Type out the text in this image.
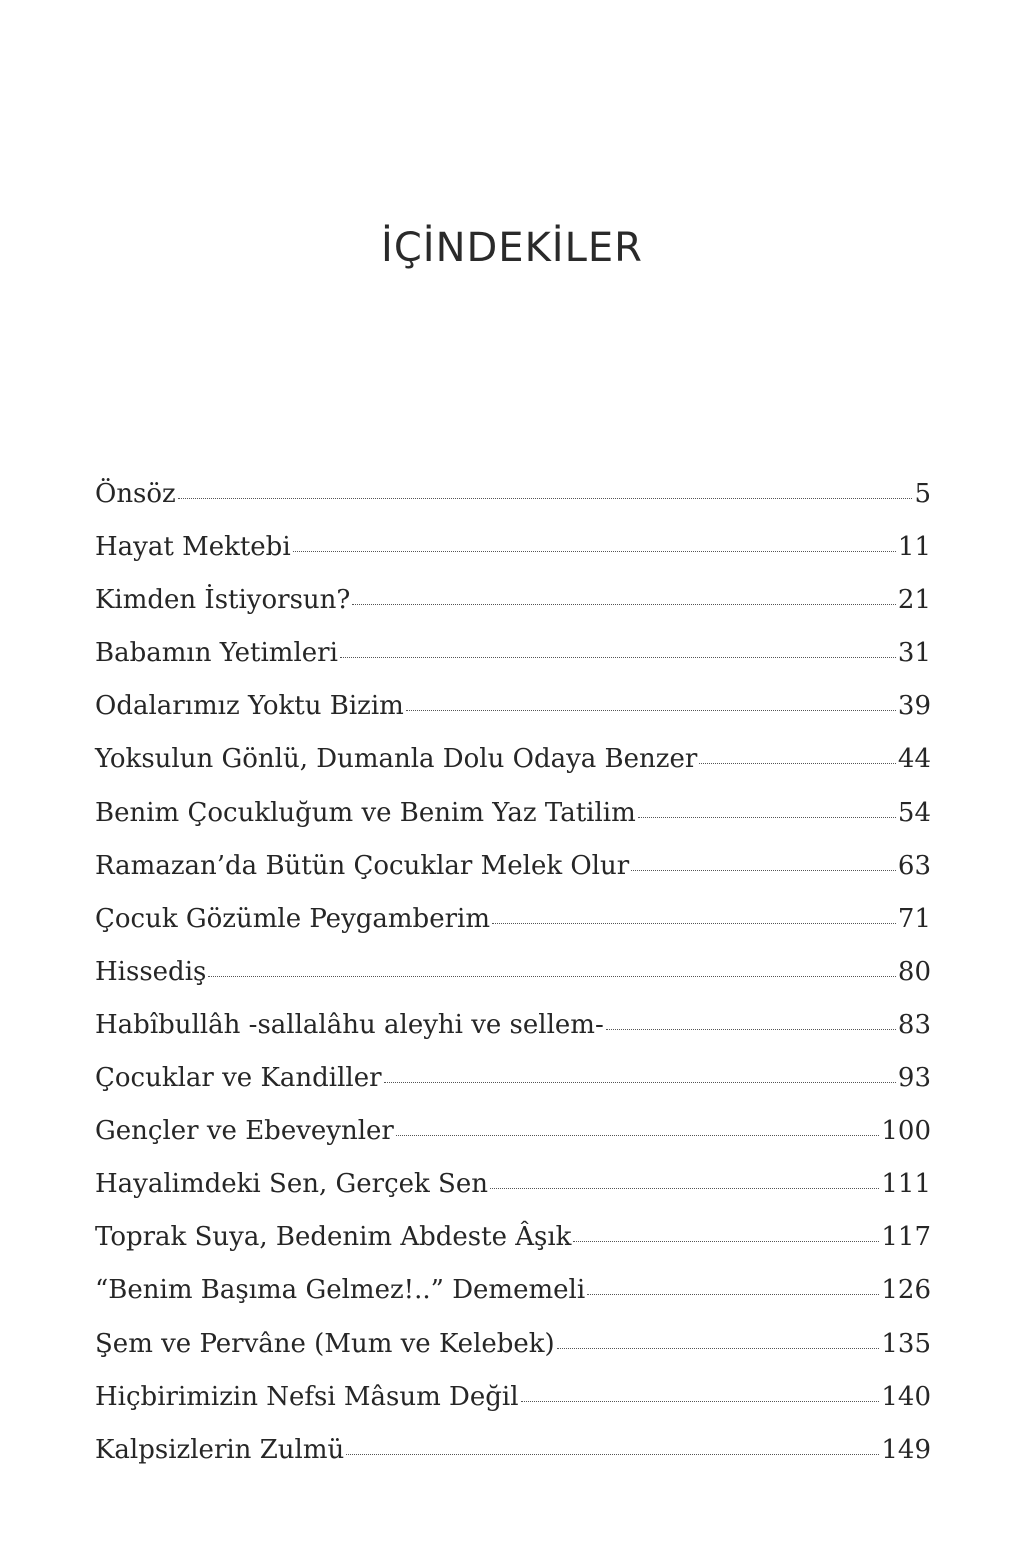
İÇİNDEKİLER
Önsöz	5
Hayat Mektebi	11
Kimden İstiyorsun?	21
Babamın Yetimleri	31
Odalarımız Yoktu Bizim	39
Yoksulun Gönlü, Dumanla Dolu Odaya Benzer	44
Benim Çocukluğum ve Benim Yaz Tatilim	54
Ramazan’da Bütün Çocuklar Melek Olur	63
Çocuk Gözümle Peygamberim	71
Hissediş	80
Habîbullâh -sallalâhu aleyhi ve sellem-	83
Çocuklar ve Kandiller	93
Gençler ve Ebeveynler	100
Hayalimdeki Sen, Gerçek Sen	111
Toprak Suya, Bedenim Abdeste Âşık	117
“Benim Başıma Gelmez!..” Dememeli	126
Şem ve Pervâne (Mum ve Kelebek)	135
Hiçbirimizin Nefsi Mâsum Değil	140
Kalpsizlerin Zulmü	149
